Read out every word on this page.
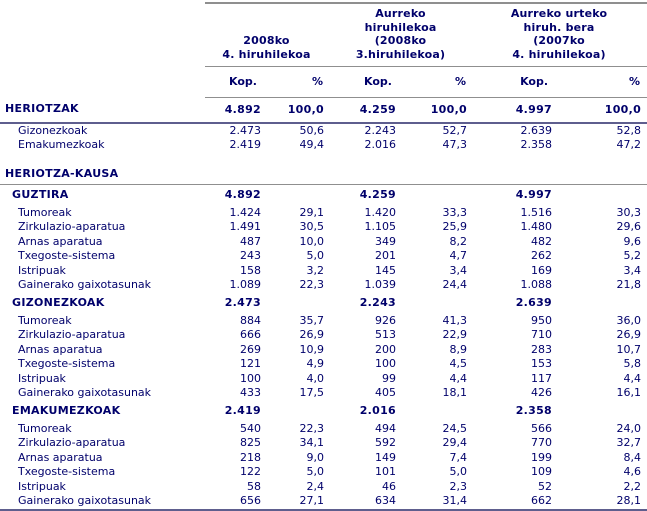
2008ko
4. hiruhilekoa

Aurreko
hiruhilekoa
(2008ko
3.hiruhilekoa)

Aurreko urteko
hiruh. bera
(2007ko
4. hiruhilekoa)

	Kop.	%	Kop.	%	Kop.	%
HERIOTZAK	4.892	100,0	4.259	100,0	4.997	100,0
Gizonezkoak	2.473	50,6	2.243	52,7	2.639	52,8
Emakumezkoak	2.419	49,4	2.016	47,3	2.358	47,2

HERIOTZA-KAUSA						
GUZTIRA	4.892		4.259		4.997	
Tumoreak	1.424	29,1	1.420	33,3	1.516	30,3
Zirkulazio-aparatua	1.491	30,5	1.105	25,9	1.480	29,6
Arnas aparatua	487	10,0	349	8,2	482	9,6
Txegoste-sistema	243	5,0	201	4,7	262	5,2
Istripuak	158	3,2	145	3,4	169	3,4
Gainerako gaixotasunak	1.089	22,3	1.039	24,4	1.088	21,8
GIZONEZKOAK	2.473		2.243		2.639	
Tumoreak	884	35,7	926	41,3	950	36,0
Zirkulazio-aparatua	666	26,9	513	22,9	710	26,9
Arnas aparatua	269	10,9	200	8,9	283	10,7
Txegoste-sistema	121	4,9	100	4,5	153	5,8
Istripuak	100	4,0	99	4,4	117	4,4
Gainerako gaixotasunak	433	17,5	405	18,1	426	16,1
EMAKUMEZKOAK	2.419		2.016		2.358	
Tumoreak	540	22,3	494	24,5	566	24,0
Zirkulazio-aparatua	825	34,1	592	29,4	770	32,7
Arnas aparatua	218	9,0	149	7,4	199	8,4
Txegoste-sistema	122	5,0	101	5,0	109	4,6
Istripuak	58	2,4	46	2,3	52	2,2
Gainerako gaixotasunak	656	27,1	634	31,4	662	28,1
